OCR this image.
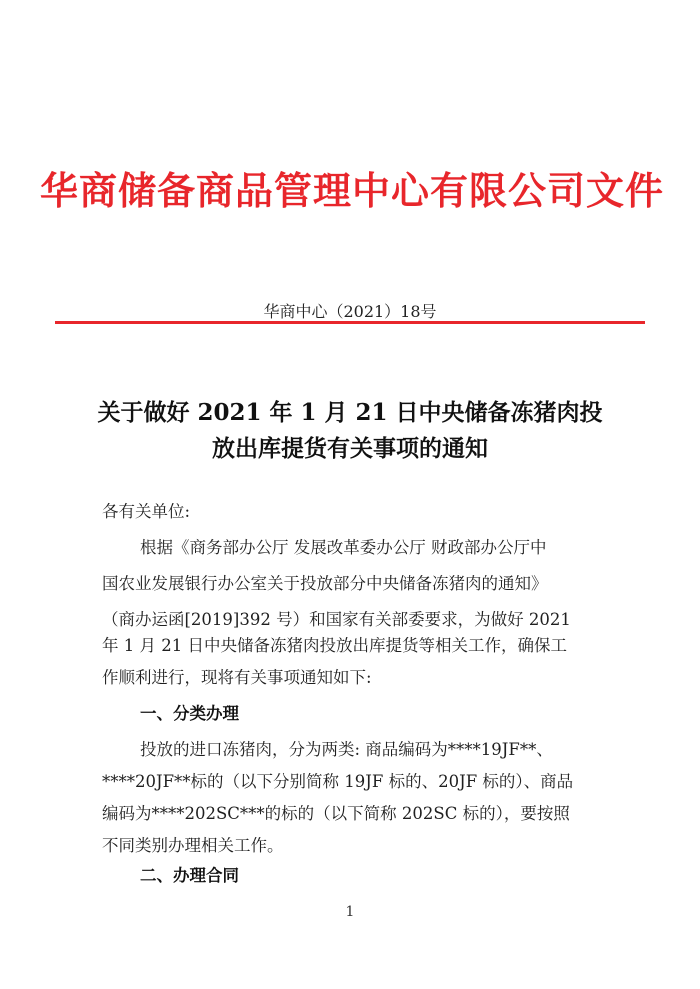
华商储备商品管理中心有限公司文件
华商中心（2021）18号
关于做好 2021 年 1 月 21 日中央储备冻猪肉投
放出库提货有关事项的通知
各有关单位:
根据《商务部办公厅 发展改革委办公厅 财政部办公厅中
国农业发展银行办公室关于投放部分中央储备冻猪肉的通知》
（商办运函[2019]392 号）和国家有关部委要求，为做好 2021
年 1 月 21 日中央储备冻猪肉投放出库提货等相关工作，确保工
作顺利进行，现将有关事项通知如下:
一、分类办理
投放的进口冻猪肉，分为两类: 商品编码为****19JF**、
****20JF**标的（以下分别简称 19JF 标的、20JF 标的）、商品
编码为****202SC***的标的（以下简称 202SC 标的），要按照
不同类别办理相关工作。
二、办理合同
1
